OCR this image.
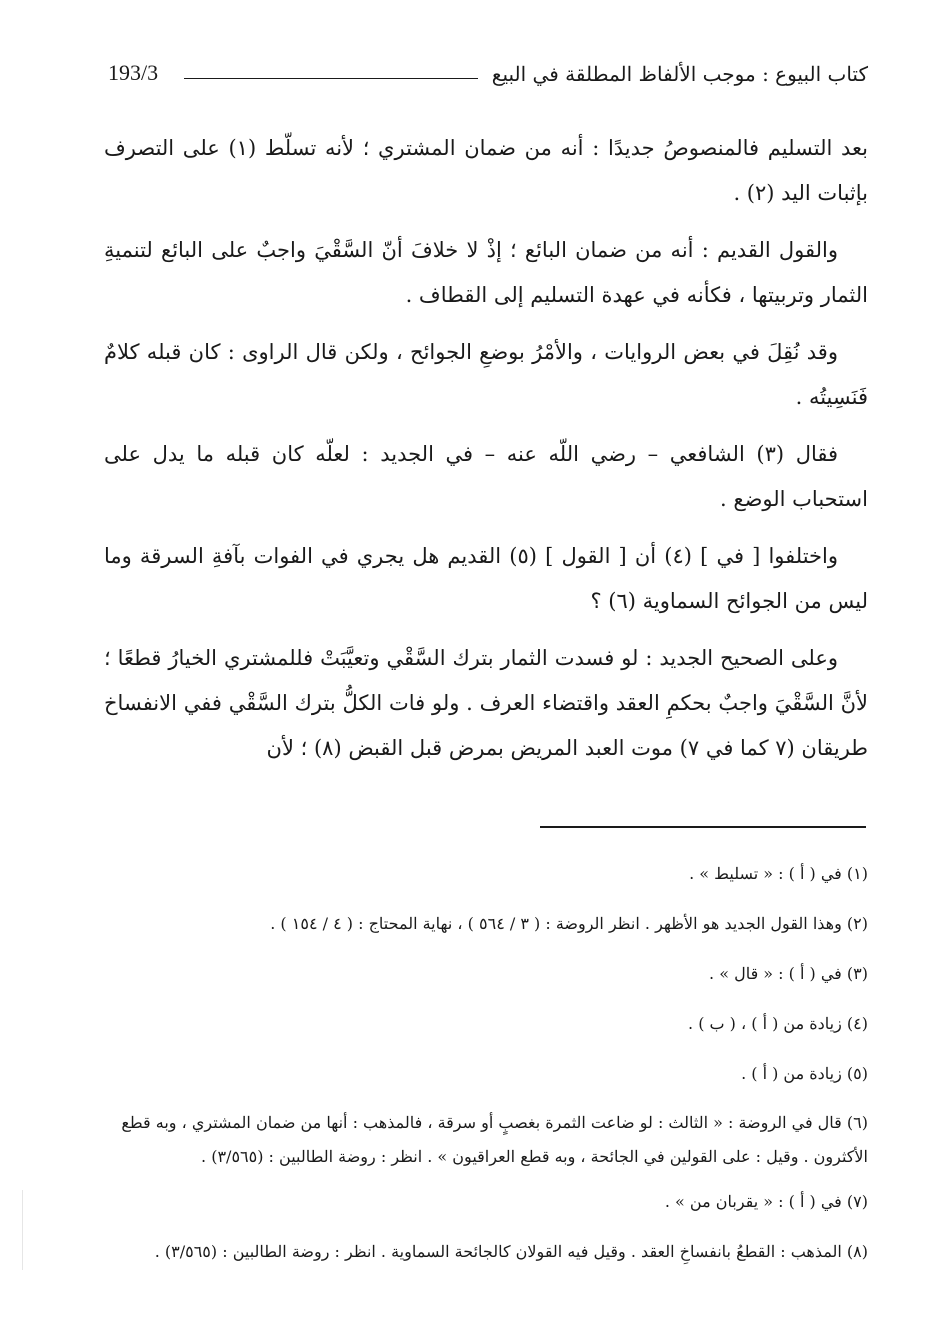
كتاب البيوع : موجب الألفاظ المطلقة في البيع
193/3

بعد التسليم فالمنصوصُ جديدًا : أنه من ضمان المشتري ؛ لأنه تسلّط (١) على التصرف بإثبات اليد (٢) .

والقول القديم : أنه من ضمان البائع ؛ إذْ لا خلافَ أنّ السَّقْيَ واجبٌ على البائع لتنميةِ الثمار وتربيتها ، فكأنه في عهدة التسليم إلى القطاف .

وقد نُقِلَ في بعض الروايات ، والأمْرُ بوضعِ الجوائح ، ولكن قال الراوى : كان قبله كلامٌ فَنَسِيتُه .

فقال (٣) الشافعي – رضي اللّه عنه – في الجديد : لعلّه كان قبله ما يدل على استحباب الوضع .

واختلفوا [ في ] (٤) أن [ القول ] (٥) القديم هل يجري في الفوات بآفةِ السرقة وما ليس من الجوائح السماوية (٦) ؟

وعلى الصحيح الجديد : لو فسدت الثمار بترك السَّقْي وتعيَّبَتْ فللمشتري الخيارُ قطعًا ؛ لأنَّ السَّقْيَ واجبٌ بحكمِ العقد واقتضاء العرف . ولو فات الكلُّ بترك السَّقْي ففي الانفساخ طريقان (٧ كما في ٧) موت العبد المريض بمرض قبل القبض (٨) ؛ لأن

(١) في ( أ ) : « تسليط » .

(٢) وهذا القول الجديد هو الأظهر . انظر الروضة : ( ٣ / ٥٦٤ ) ، نهاية المحتاج : ( ٤ / ١٥٤ ) .

(٣) في ( أ ) : « قال » .

(٤) زيادة من ( أ ) ، ( ب ) .

(٥) زيادة من ( أ ) .

(٦) قال في الروضة : « الثالث : لو ضاعت الثمرة بغصبٍ أو سرقة ، فالمذهب : أنها من ضمان المشتري ، وبه قطع الأكثرون . وقيل : على القولين في الجائحة ، وبه قطع العراقيون » . انظر : روضة الطالبين : (٣/٥٦٥) .

(٧) في ( أ ) : « يقربان من » .

(٨) المذهب : القطعُ بانفساخِ العقد . وقيل فيه القولان كالجائحة السماوية . انظر : روضة الطالبين : (٣/٥٦٥) .
